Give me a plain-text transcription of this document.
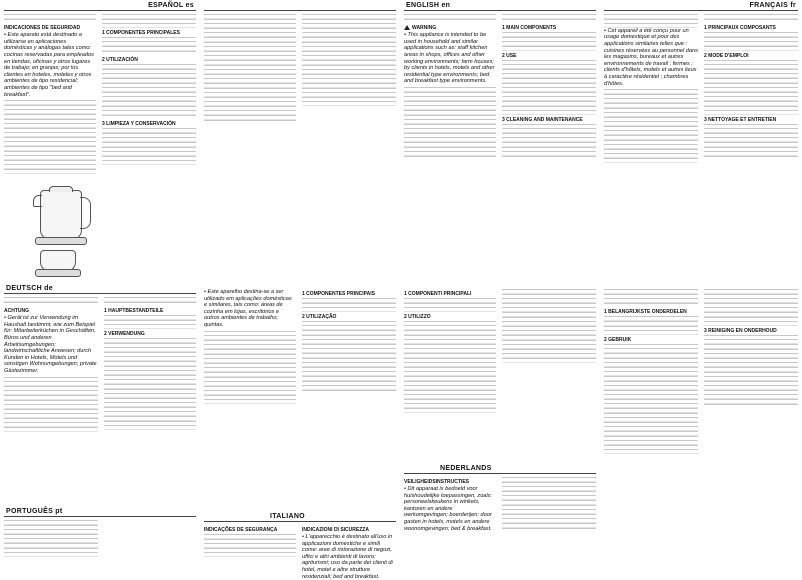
ESPAÑOL es
INDICACIONES DE SEGURIDAD

• Este aparato está destinado a utilizarse en aplicaciones domésticas y análogas tales como: cocinas reservadas para empleados en tiendas, oficinas y otros lugares de trabajo; en granjas; por los clientes en hoteles, moteles y otros ambientes de tipo residencial; ambientes de tipo "bed and breakfast".

1 COMPONENTES PRINCIPALES
2 UTILIZACIÓN
3 LIMPIEZA Y CONSERVACIÓN
ENGLISH en
WARNING

• This appliance is intended to be used in household and similar applications such as: staff kitchen areas in shops, offices and other working environments; farm houses; by clients in hotels, motels and other residential type environments; bed and breakfast type environments.

1 MAIN COMPONENTS
2 USE
3 CLEANING AND MAINTENANCE
FRANÇAIS fr

• Cet appareil a été conçu pour un usage domestique et pour des applications similaires telles que : cuisines réservées au personnel dans les magasins, bureaux et autres environnements de travail ; fermes ; clients d'hôtels, motels et autres lieux à caractère résidentiel ; chambres d'hôtes.

1 PRINCIPAUX COMPOSANTS
2 MODE D'EMPLOI
3 NETTOYAGE ET ENTRETIEN
DEUTSCH de
ACHTUNG

• Gerät ist zur Verwendung im Haushalt bestimmt, wie zum Beispiel für: Mitarbeiterküchen in Geschäften, Büros und anderen Arbeitsumgebungen; landwirtschaftliche Anwesen; durch Kunden in Hotels, Motels und sonstigen Wohnumgebungen; private Gästezimmer.

1 HAUPTBESTANDTEILE
2 VERWENDUNG
PORTUGUÊS pt

• Este aparelho destina-se a ser utilizado em aplicações domésticas e similares, tais como: áreas de cozinha em lojas, escritórios e outros ambientes de trabalho; quintas.

1 COMPONENTES PRINCIPAIS
2 UTILIZAÇÃO
ITALIANO
INDICAÇÕES DE SEGURANÇA	INDICAZIONI DI SICUREZZA

• L'apparecchio è destinato all'uso in applicazioni domestiche e simili come: aree di ristorazione di negozi, uffici e altri ambienti di lavoro; agriturismi; uso da parte dei clienti di hotel, motel e altre strutture residenziali; bed and breakfast.

1 COMPONENTI PRINCIPALI
2 UTILIZZO
NEDERLANDS
VEILIGHEIDSINSTRUCTIES

• Dit apparaat is bedoeld voor huishoudelijke toepassingen, zoals: personeelskeukens in winkels, kantoren en andere werkomgevingen; boerderijen; door gasten in hotels, motels en andere woonomgevingen; bed & breakfast.

1 BELANGRIJKSTE ONDERDELEN
2 GEBRUIK
3 REINIGING EN ONDERHOUD
